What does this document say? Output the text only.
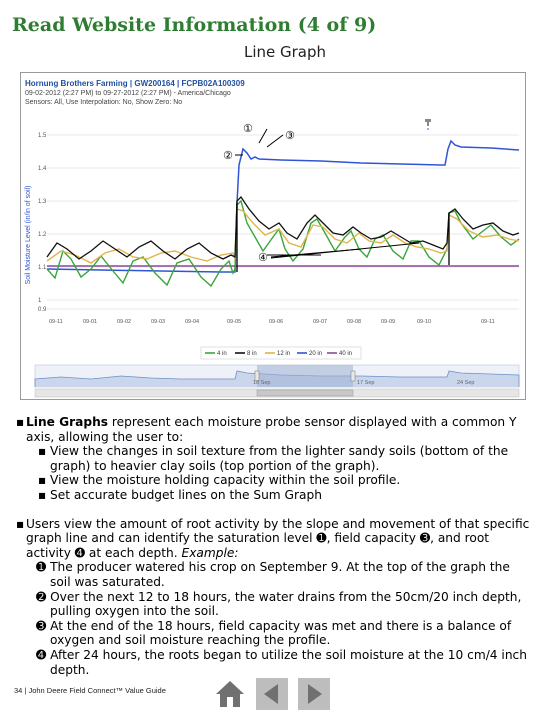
Read Website Information (4 of 9)
Line Graph
Hornung Brothers Farming | GW200164 | FCPB02A100309
09-02-2012 (2:27 PM) to 09-27-2012 (2:27 PM) - America/Chicago
Sensors: All, Use Interpolation: No, Show Zero: No
Soil Moisture Level (in/in of soil)
1.5
1.4
1.3
1.2
1.1
1
0.9
09-11	09-01	09-02	09-03	09-04	09-05	09-06	09-07	09-08	09-09	09-10	09-11
①
③
②
④
4 in	8 in	12 in	20 in	40 in
10 Sep	17 Sep	24 Sep
▪ Line Graphs represent each moisture probe sensor displayed with a common Y axis, allowing the user to:
▪ View the changes in soil texture from the lighter sandy soils (bottom of the graph) to heavier clay soils (top portion of the graph).
▪ View the moisture holding capacity within the soil profile.
▪ Set accurate budget lines on the Sum Graph
▪ Users view the amount of root activity by the slope and movement of that specific graph line and can identify the saturation level ➊, field capacity ➌, and root activity ➍ at each depth. Example:
➊ The producer watered his crop on September 9. At the top of the graph the soil was saturated.
➋ Over the next 12 to 18 hours, the water drains from the 50cm/20 inch depth, pulling oxygen into the soil.
➌ At the end of the 18 hours, field capacity was met and there is a balance of oxygen and soil moisture reaching the profile.
➍ After 24 hours, the roots began to utilize the soil moisture at the 10 cm/4 inch depth.
34 | John Deere Field Connect™ Value Guide
